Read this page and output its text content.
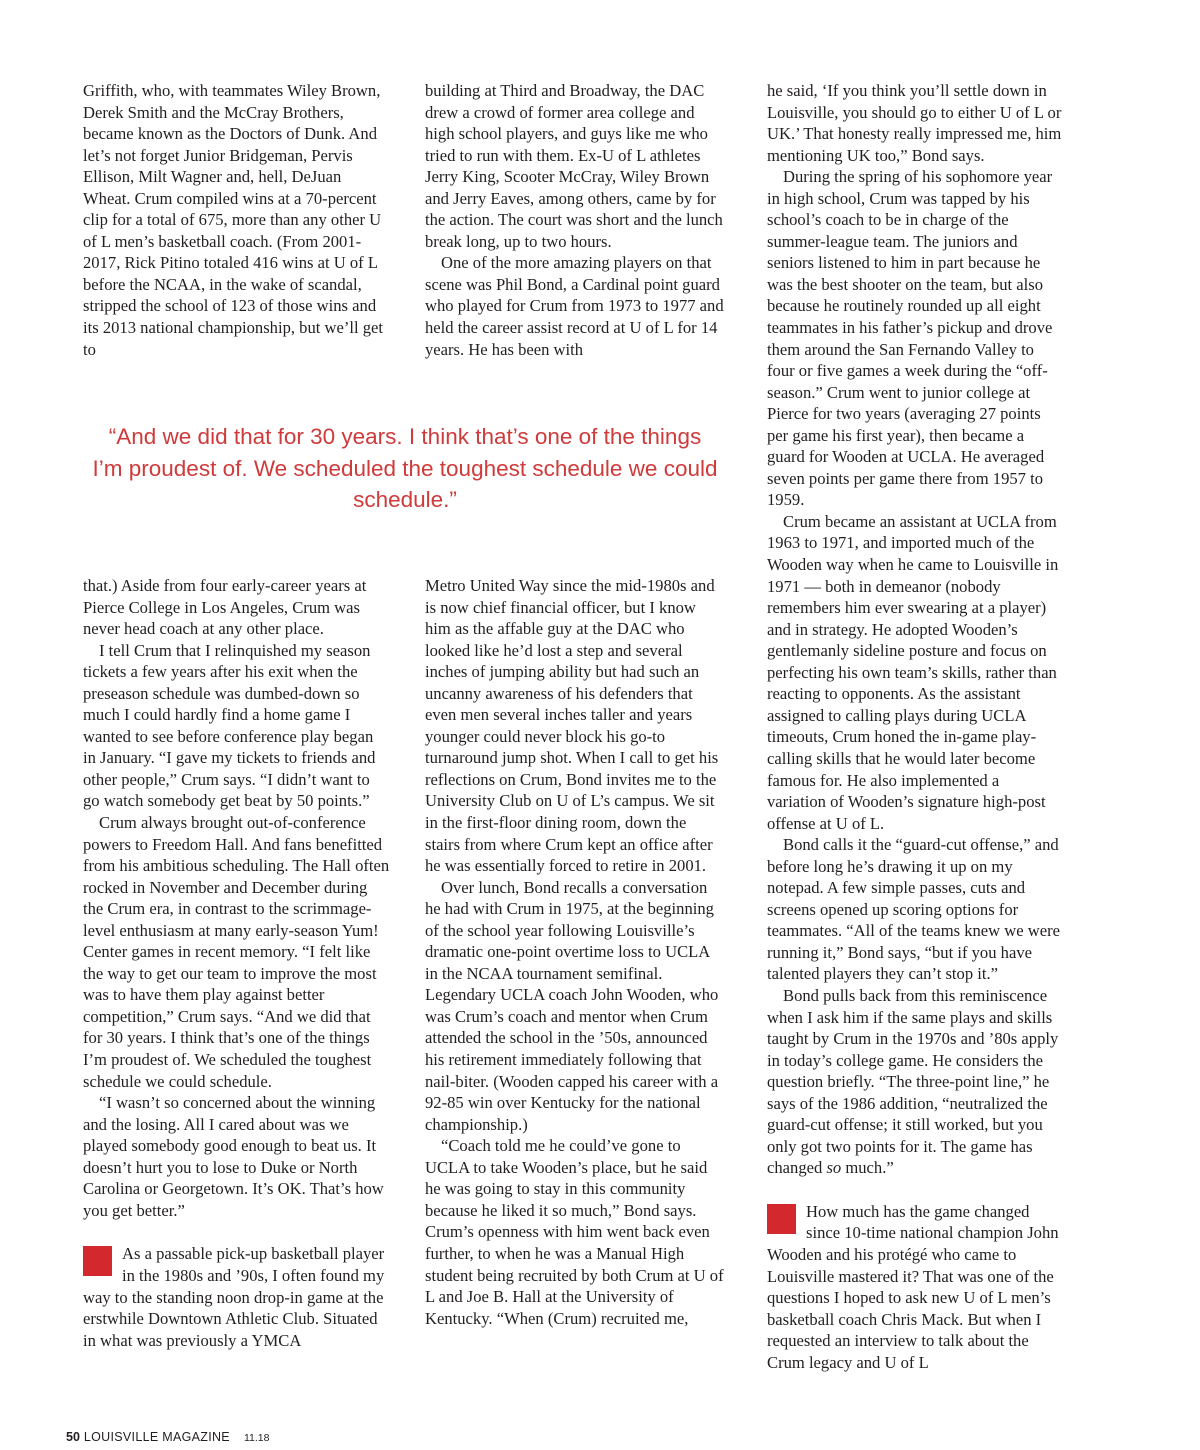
Griffith, who, with teammates Wiley Brown, Derek Smith and the McCray Brothers, became known as the Doctors of Dunk. And let’s not forget Junior Bridgeman, Pervis Ellison, Milt Wagner and, hell, DeJuan Wheat. Crum compiled wins at a 70-percent clip for a total of 675, more than any other U of L men’s basketball coach. (From 2001-2017, Rick Pitino totaled 416 wins at U of L before the NCAA, in the wake of scandal, stripped the school of 123 of those wins and its 2013 national championship, but we’ll get to

building at Third and Broadway, the DAC drew a crowd of former area college and high school players, and guys like me who tried to run with them. Ex-U of L athletes Jerry King, Scooter McCray, Wiley Brown and Jerry Eaves, among others, came by for the action. The court was short and the lunch break long, up to two hours.

One of the more amazing players on that scene was Phil Bond, a Cardinal point guard who played for Crum from 1973 to 1977 and held the career assist record at U of L for 14 years. He has been with

“And we did that for 30 years. I think that’s one of the things I’m proudest of. We scheduled the toughest schedule we could schedule.”

that.) Aside from four early-career years at Pierce College in Los Angeles, Crum was never head coach at any other place.

I tell Crum that I relinquished my season tickets a few years after his exit when the preseason schedule was dumbed-down so much I could hardly find a home game I wanted to see before conference play began in January. “I gave my tickets to friends and other people,” Crum says. “I didn’t want to go watch somebody get beat by 50 points.”

Crum always brought out-of-conference powers to Freedom Hall. And fans benefitted from his ambitious scheduling. The Hall often rocked in November and December during the Crum era, in contrast to the scrimmage-level enthusiasm at many early-season Yum! Center games in recent memory. “I felt like the way to get our team to improve the most was to have them play against better competition,” Crum says. “And we did that for 30 years. I think that’s one of the things I’m proudest of. We scheduled the toughest schedule we could schedule.

“I wasn’t so concerned about the winning and the losing. All I cared about was we played somebody good enough to beat us. It doesn’t hurt you to lose to Duke or North Carolina or Georgetown. It’s OK. That’s how you get better.”

As a passable pick-up basketball player in the 1980s and ’90s, I often found my way to the standing noon drop-in game at the erstwhile Downtown Athletic Club. Situated in what was previously a YMCA

Metro United Way since the mid-1980s and is now chief financial officer, but I know him as the affable guy at the DAC who looked like he’d lost a step and several inches of jumping ability but had such an uncanny awareness of his defenders that even men several inches taller and years younger could never block his go-to turnaround jump shot. When I call to get his reflections on Crum, Bond invites me to the University Club on U of L’s campus. We sit in the first-floor dining room, down the stairs from where Crum kept an office after he was essentially forced to retire in 2001.

Over lunch, Bond recalls a conversation he had with Crum in 1975, at the beginning of the school year following Louisville’s dramatic one-point overtime loss to UCLA in the NCAA tournament semifinal. Legendary UCLA coach John Wooden, who was Crum’s coach and mentor when Crum attended the school in the ’50s, announced his retirement immediately following that nail-biter. (Wooden capped his career with a 92-85 win over Kentucky for the national championship.)

“Coach told me he could’ve gone to UCLA to take Wooden’s place, but he said he was going to stay in this community because he liked it so much,” Bond says. Crum’s openness with him went back even further, to when he was a Manual High student being recruited by both Crum at U of L and Joe B. Hall at the University of Kentucky. “When (Crum) recruited me,

he said, ‘If you think you’ll settle down in Louisville, you should go to either U of L or UK.’ That honesty really impressed me, him mentioning UK too,” Bond says.

During the spring of his sophomore year in high school, Crum was tapped by his school’s coach to be in charge of the summer-league team. The juniors and seniors listened to him in part because he was the best shooter on the team, but also because he routinely rounded up all eight teammates in his father’s pickup and drove them around the San Fernando Valley to four or five games a week during the “off-season.” Crum went to junior college at Pierce for two years (averaging 27 points per game his first year), then became a guard for Wooden at UCLA. He averaged seven points per game there from 1957 to 1959.

Crum became an assistant at UCLA from 1963 to 1971, and imported much of the Wooden way when he came to Louisville in 1971 — both in demeanor (nobody remembers him ever swearing at a player) and in strategy. He adopted Wooden’s gentlemanly sideline posture and focus on perfecting his own team’s skills, rather than reacting to opponents. As the assistant assigned to calling plays during UCLA timeouts, Crum honed the in-game play-calling skills that he would later become famous for. He also implemented a variation of Wooden’s signature high-post offense at U of L.

Bond calls it the “guard-cut offense,” and before long he’s drawing it up on my notepad. A few simple passes, cuts and screens opened up scoring options for teammates. “All of the teams knew we were running it,” Bond says, “but if you have talented players they can’t stop it.”

Bond pulls back from this reminiscence when I ask him if the same plays and skills taught by Crum in the 1970s and ’80s apply in today’s college game. He considers the question briefly. “The three-point line,” he says of the 1986 addition, “neutralized the guard-cut offense; it still worked, but you only got two points for it. The game has changed so much.”

How much has the game changed since 10-time national champion John Wooden and his protégé who came to Louisville mastered it? That was one of the questions I hoped to ask new U of L men’s basketball coach Chris Mack. But when I requested an interview to talk about the Crum legacy and U of L

50 LOUISVILLE MAGAZINE 11.18
